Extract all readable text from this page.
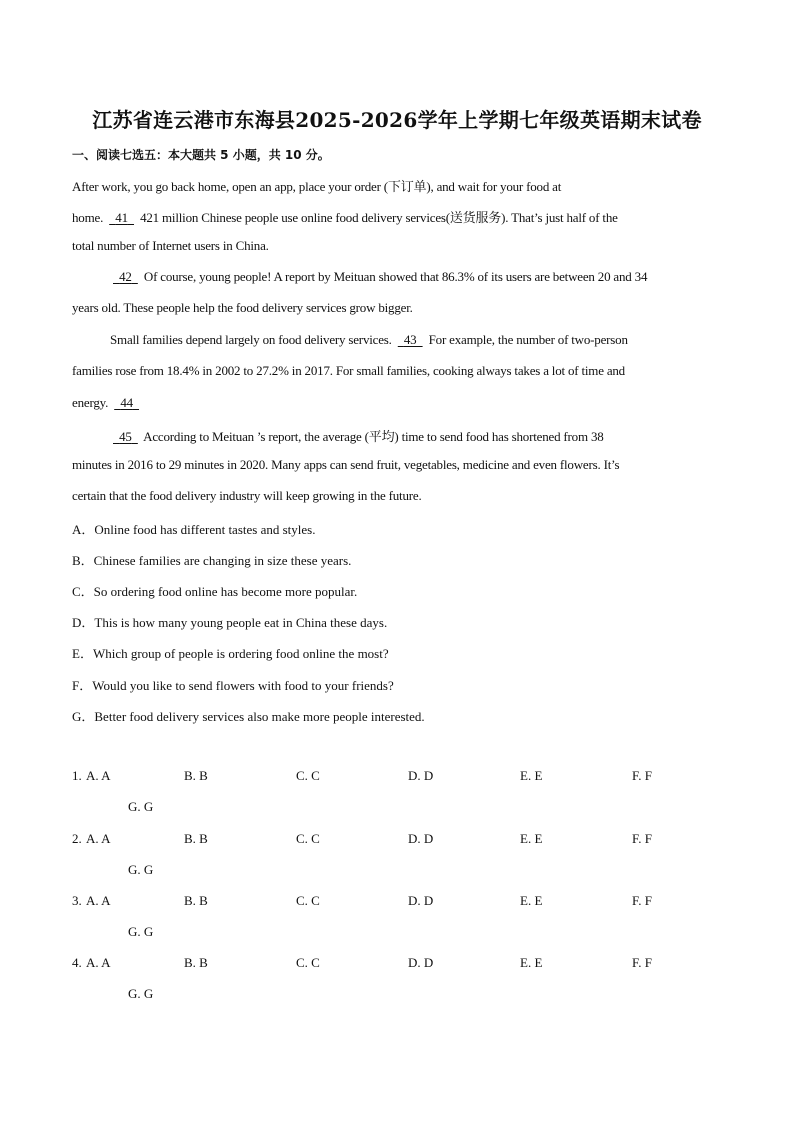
江苏省连云港市东海县2025-2026学年上学期七年级英语期末试卷
一、阅读七选五：本大题共 5 小题，共 10 分。
After work, you go back home, open an app, place your order (下订单), and wait for your food at
home. 41 421 million Chinese people use online food delivery services(送货服务). That’s just half of the
total number of Internet users in China.
42 Of course, young people! A report by Meituan showed that 86.3% of its users are between 20 and 34
years old. These people help the food delivery services grow bigger.
Small families depend largely on food delivery services. 43 For example, the number of two-person
families rose from 18.4% in 2002 to 27.2% in 2017. For small families, cooking always takes a lot of time and
energy. 44
45 According to Meituan ’s report, the average (平均) time to send food has shortened from 38
minutes in 2016 to 29 minutes in 2020. Many apps can send fruit, vegetables, medicine and even flowers. It’s
certain that the food delivery industry will keep growing in the future.
A．Online food has different tastes and styles.
B．Chinese families are changing in size these years.
C．So ordering food online has become more popular.
D．This is how many young people eat in China these days.
E．Which group of people is ordering food online the most?
F．Would you like to send flowers with food to your friends?
G．Better food delivery services also make more people interested.
1. A. A	B. B	C. C	D. D	E. E	F. F
G. G
2. A. A	B. B	C. C	D. D	E. E	F. F
G. G
3. A. A	B. B	C. C	D. D	E. E	F. F
G. G
4. A. A	B. B	C. C	D. D	E. E	F. F
G. G
